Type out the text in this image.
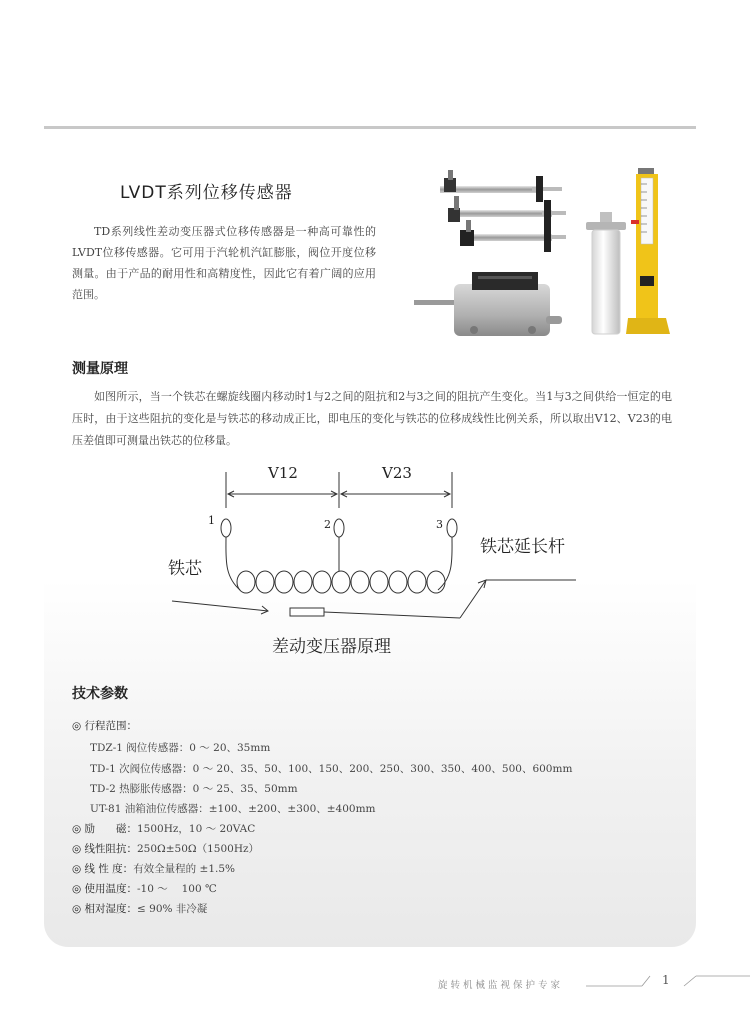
LVDT系列位移传感器
TD系列线性差动变压器式位移传感器是一种高可靠性的LVDT位移传感器。它可用于汽轮机汽缸膨胀，阀位开度位移测量。由于产品的耐用性和高精度性，因此它有着广阔的应用范围。
测量原理
如图所示，当一个铁芯在螺旋线圈内移动时1与2之间的阻抗和2与3之间的阻抗产生变化。当1与3之间供给一恒定的电压时，由于这些阻抗的变化是与铁芯的移动成正比，即电压的变化与铁芯的位移成线性比例关系，所以取出V12、V23的电压差值即可测量出铁芯的位移量。
V12	V23
1	2	3
铁芯
铁芯延长杆
差动变压器原理
技术参数
◎ 行程范围：
TDZ-1 阀位传感器：0 ～ 20、35mm
TD-1 次阀位传感器：0 ～ 20、35、50、100、150、200、250、300、350、400、500、600mm
TD-2 热膨胀传感器：0 ～ 25、35、50mm
UT-81 油箱油位传感器：±100、±200、±300、±400mm
◎ 励　　磁：1500Hz，10 ～ 20VAC
◎ 线性阻抗：250Ω±50Ω（1500Hz）
◎ 线 性 度：有效全量程的 ±1.5%
◎ 使用温度：-10 ～　 100 ℃
◎ 相对湿度：≤ 90% 非冷凝
旋转机械监视保护专家	1
